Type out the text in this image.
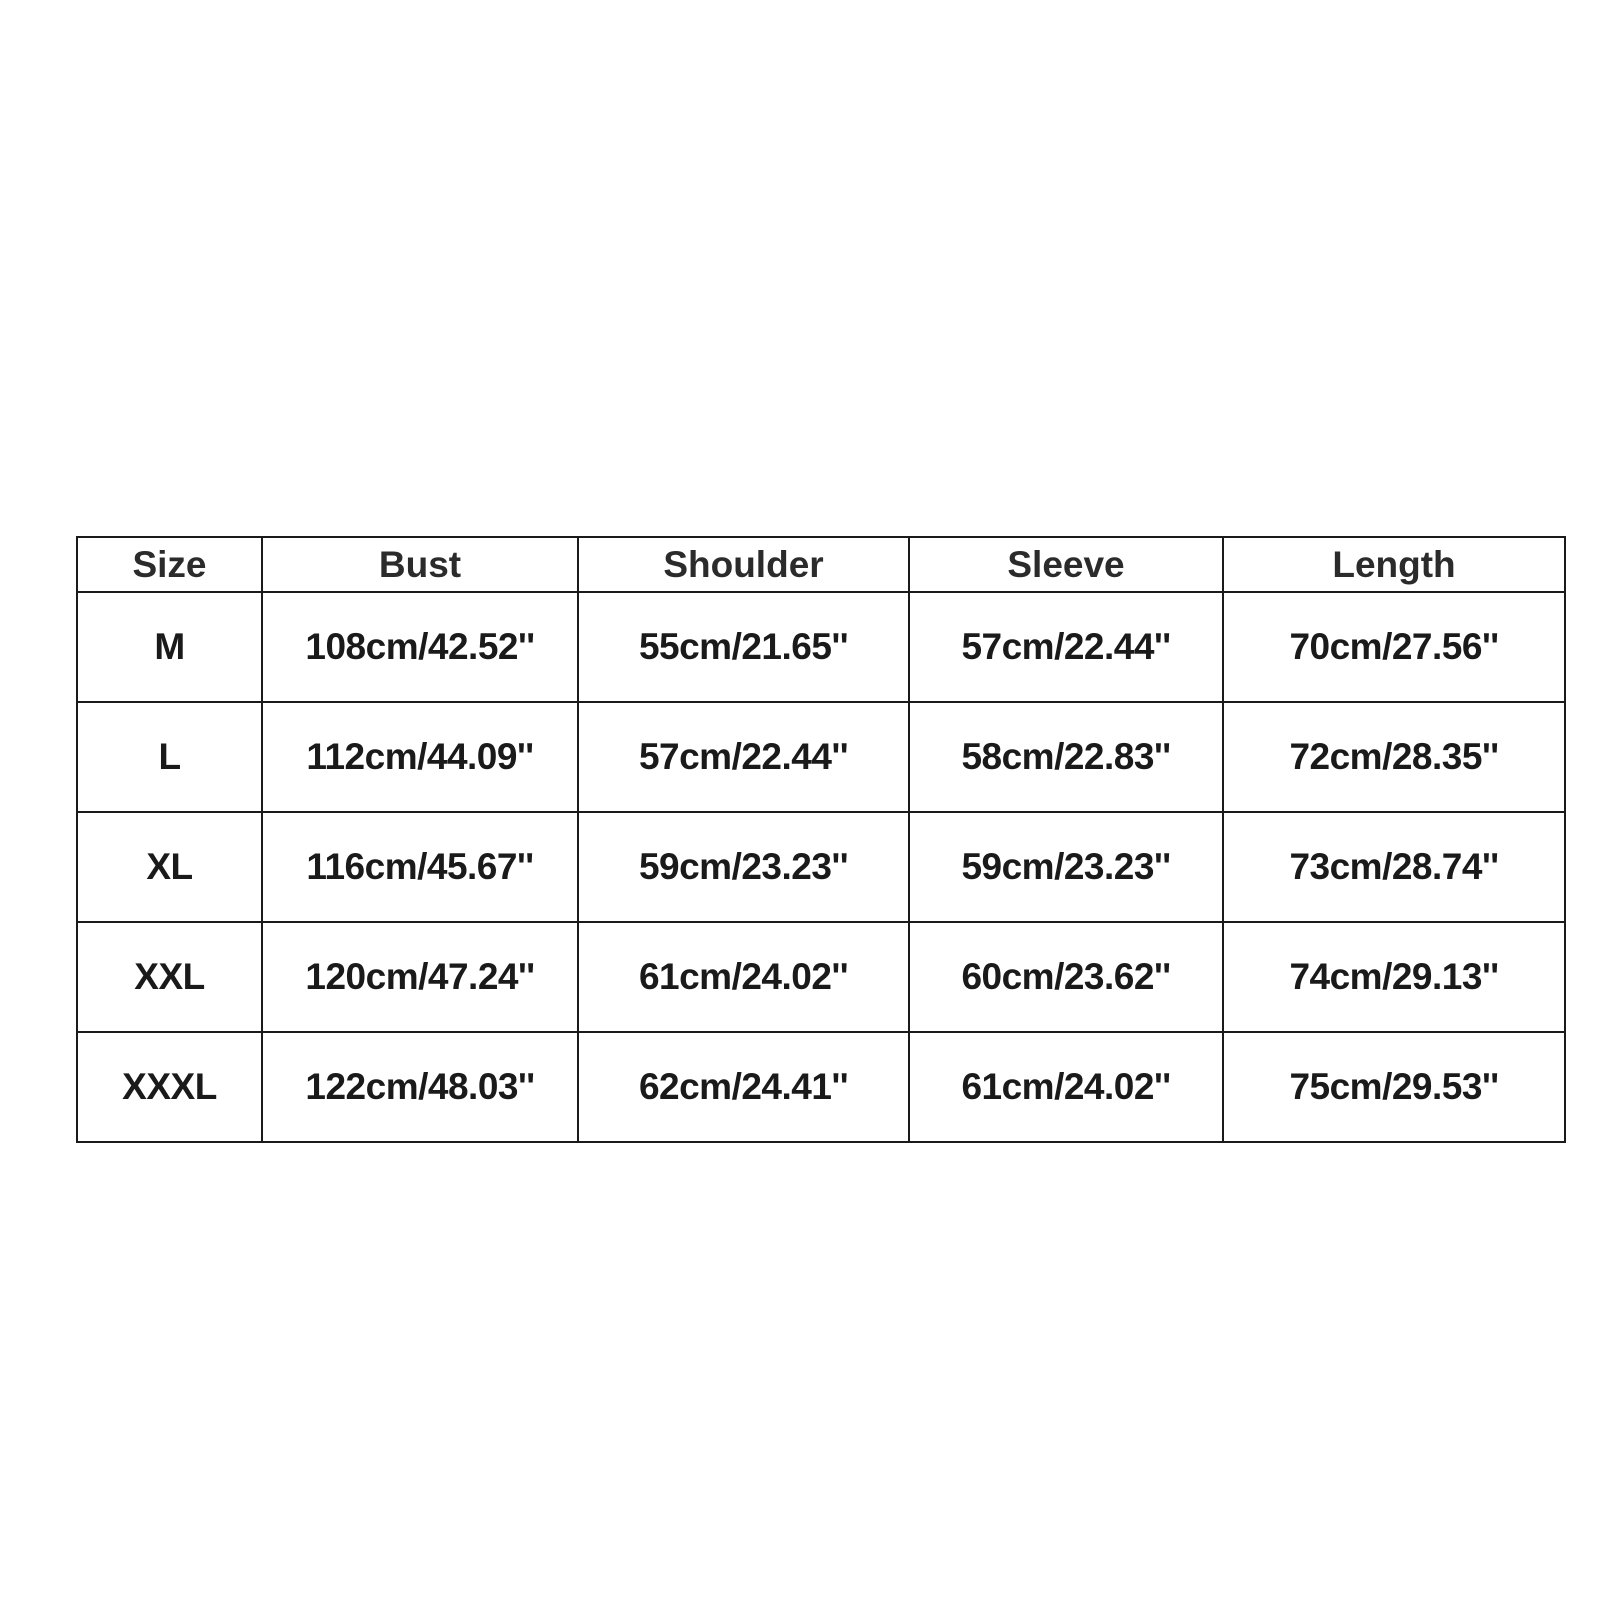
Size	Bust	Shoulder	Sleeve	Length
M	108cm/42.52''	55cm/21.65''	57cm/22.44''	70cm/27.56''
L	112cm/44.09''	57cm/22.44''	58cm/22.83''	72cm/28.35''
XL	116cm/45.67''	59cm/23.23''	59cm/23.23''	73cm/28.74''
XXL	120cm/47.24''	61cm/24.02''	60cm/23.62''	74cm/29.13''
XXXL	122cm/48.03''	62cm/24.41''	61cm/24.02''	75cm/29.53''
